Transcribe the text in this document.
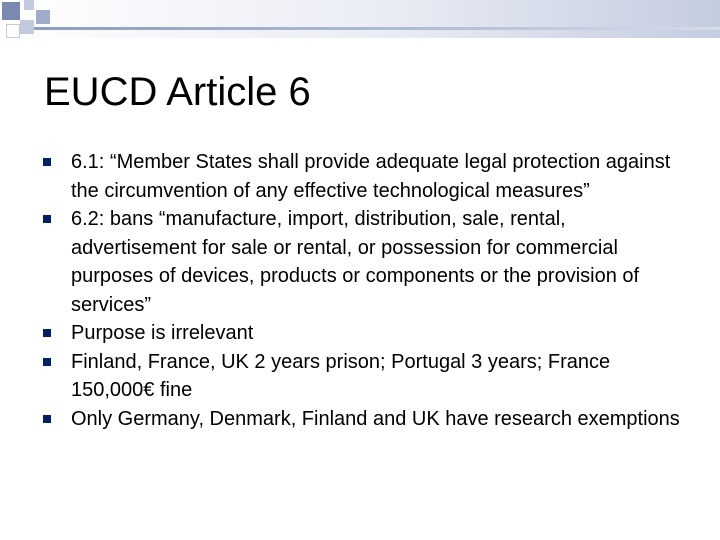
EUCD Article 6
6.1: “Member States shall provide adequate legal protection against the circumvention of any effective technological measures”
6.2: bans “manufacture, import, distribution, sale, rental, advertisement for sale or rental, or possession for commercial purposes of devices, products or components or the provision of services”
Purpose is irrelevant
Finland, France, UK 2 years prison; Portugal 3 years; France 150,000€ fine
Only Germany, Denmark, Finland and UK have research exemptions
